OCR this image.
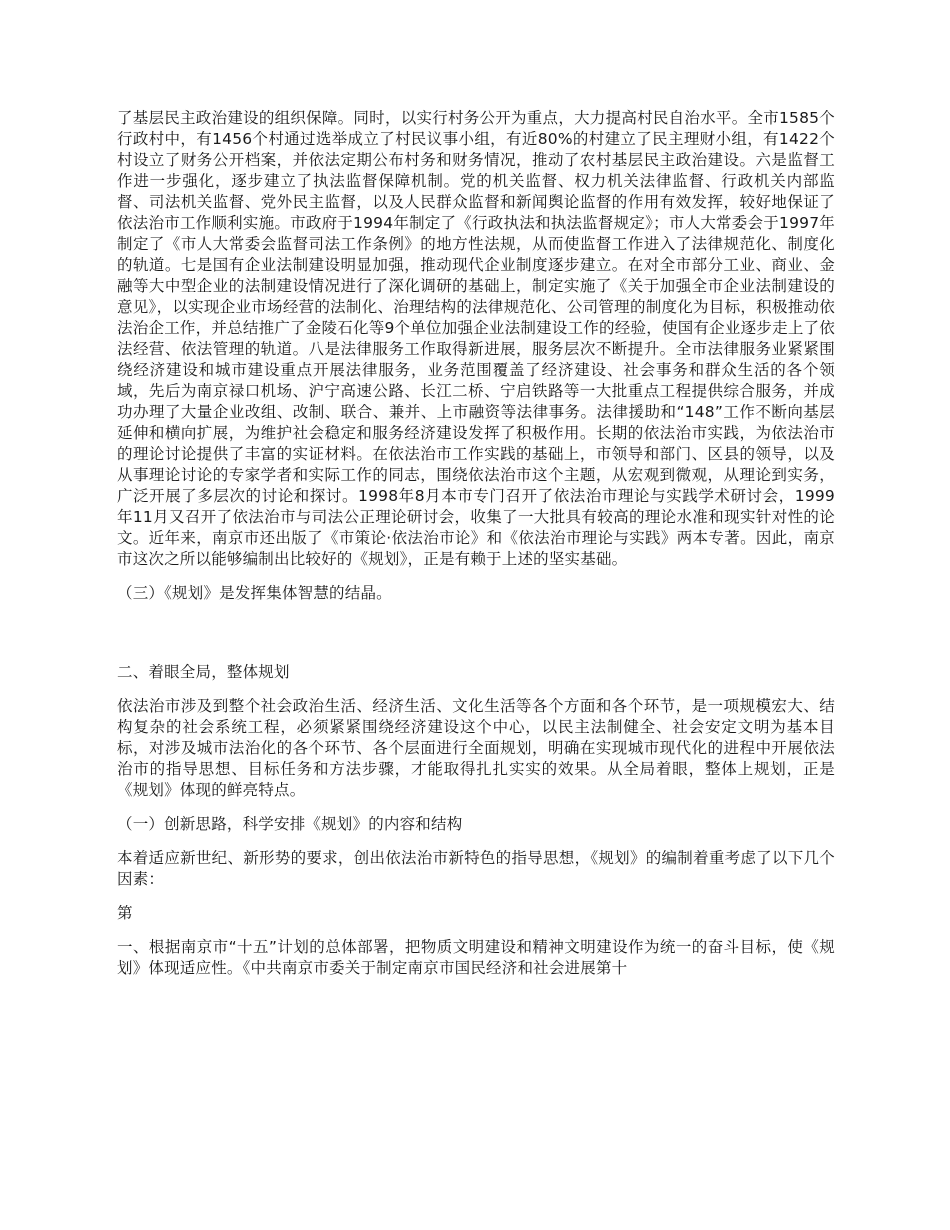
了基层民主政治建设的组织保障。同时，以实行村务公开为重点，大力提高村民自治水平。全市1585个行政村中，有1456个村通过选举成立了村民议事小组，有近80%的村建立了民主理财小组，有1422个村设立了财务公开档案，并依法定期公布村务和财务情况，推动了农村基层民主政治建设。六是监督工作进一步强化，逐步建立了执法监督保障机制。党的机关监督、权力机关法律监督、行政机关内部监督、司法机关监督、党外民主监督，以及人民群众监督和新闻舆论监督的作用有效发挥，较好地保证了依法治市工作顺利实施。市政府于1994年制定了《行政执法和执法监督规定》；市人大常委会于1997年制定了《市人大常委会监督司法工作条例》的地方性法规，从而使监督工作进入了法律规范化、制度化的轨道。七是国有企业法制建设明显加强，推动现代企业制度逐步建立。在对全市部分工业、商业、金融等大中型企业的法制建设情况进行了深化调研的基础上，制定实施了《关于加强全市企业法制建设的意见》，以实现企业市场经营的法制化、治理结构的法律规范化、公司管理的制度化为目标，积极推动依法治企工作，并总结推广了金陵石化等9个单位加强企业法制建设工作的经验，使国有企业逐步走上了依法经营、依法管理的轨道。八是法律服务工作取得新进展，服务层次不断提升。全市法律服务业紧紧围绕经济建设和城市建设重点开展法律服务，业务范围覆盖了经济建设、社会事务和群众生活的各个领域，先后为南京禄口机场、沪宁高速公路、长江二桥、宁启铁路等一大批重点工程提供综合服务，并成功办理了大量企业改组、改制、联合、兼并、上市融资等法律事务。法律援助和“148”工作不断向基层延伸和横向扩展，为维护社会稳定和服务经济建设发挥了积极作用。长期的依法治市实践，为依法治市的理论讨论提供了丰富的实证材料。在依法治市工作实践的基础上，市领导和部门、区县的领导，以及从事理论讨论的专家学者和实际工作的同志，围绕依法治市这个主题，从宏观到微观，从理论到实务，广泛开展了多层次的讨论和探讨。1998年8月本市专门召开了依法治市理论与实践学术研讨会，1999年11月又召开了依法治市与司法公正理论研讨会，收集了一大批具有较高的理论水准和现实针对性的论文。近年来，南京市还出版了《市策论·依法治市论》和《依法治市理论与实践》两本专著。因此，南京市这次之所以能够编制出比较好的《规划》，正是有赖于上述的坚实基础。

（三）《规划》是发挥集体智慧的结晶。

二、着眼全局，整体规划

依法治市涉及到整个社会政治生活、经济生活、文化生活等各个方面和各个环节，是一项规模宏大、结构复杂的社会系统工程，必须紧紧围绕经济建设这个中心，以民主法制健全、社会安定文明为基本目标，对涉及城市法治化的各个环节、各个层面进行全面规划，明确在实现城市现代化的进程中开展依法治市的指导思想、目标任务和方法步骤，才能取得扎扎实实的效果。从全局着眼，整体上规划，正是《规划》体现的鲜亮特点。

（一）创新思路，科学安排《规划》的内容和结构

本着适应新世纪、新形势的要求，创出依法治市新特色的指导思想，《规划》的编制着重考虑了以下几个因素：

第

一、根据南京市“十五”计划的总体部署，把物质文明建设和精神文明建设作为统一的奋斗目标，使《规划》体现适应性。《中共南京市委关于制定南京市国民经济和社会进展第十
